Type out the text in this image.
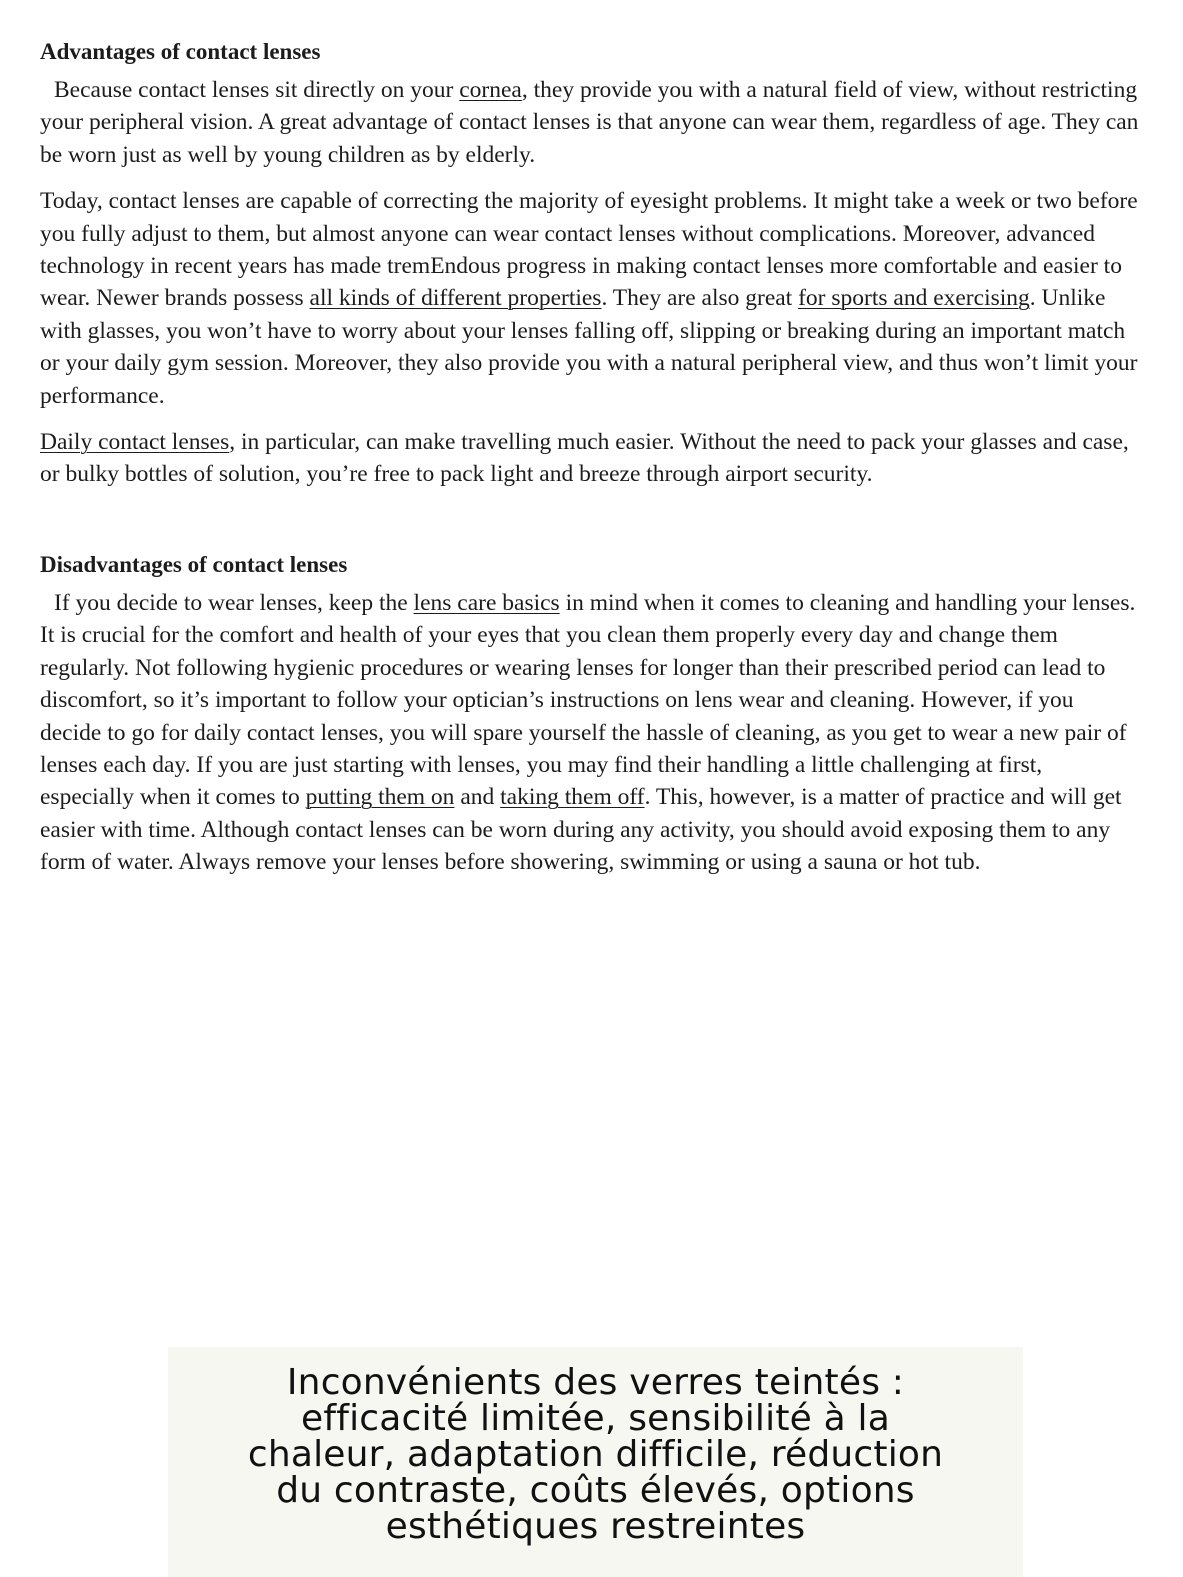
Advantages of contact lenses

Because contact lenses sit directly on your cornea, they provide you with a natural field of view, without restricting your peripheral vision. A great advantage of contact lenses is that anyone can wear them, regardless of age. They can be worn just as well by young children as by elderly.

Today, contact lenses are capable of correcting the majority of eyesight problems. It might take a week or two before you fully adjust to them, but almost anyone can wear contact lenses without complications. Moreover, advanced technology in recent years has made tremEndous progress in making contact lenses more comfortable and easier to wear. Newer brands possess all kinds of different properties. They are also great for sports and exercising. Unlike with glasses, you won’t have to worry about your lenses falling off, slipping or breaking during an important match or your daily gym session. Moreover, they also provide you with a natural peripheral view, and thus won’t limit your performance.

Daily contact lenses, in particular, can make travelling much easier. Without the need to pack your glasses and case, or bulky bottles of solution, you’re free to pack light and breeze through airport security.

Disadvantages of contact lenses

If you decide to wear lenses, keep the lens care basics in mind when it comes to cleaning and handling your lenses. It is crucial for the comfort and health of your eyes that you clean them properly every day and change them regularly. Not following hygienic procedures or wearing lenses for longer than their prescribed period can lead to discomfort, so it’s important to follow your optician’s instructions on lens wear and cleaning. However, if you decide to go for daily contact lenses, you will spare yourself the hassle of cleaning, as you get to wear a new pair of lenses each day. If you are just starting with lenses, you may find their handling a little challenging at first, especially when it comes to putting them on and taking them off. This, however, is a matter of practice and will get easier with time. Although contact lenses can be worn during any activity, you should avoid exposing them to any form of water. Always remove your lenses before showering, swimming or using a sauna or hot tub.

Inconvénients des verres teintés : efficacité limitée, sensibilité à la chaleur, adaptation difficile, réduction du contraste, coûts élevés, options esthétiques restreintes
